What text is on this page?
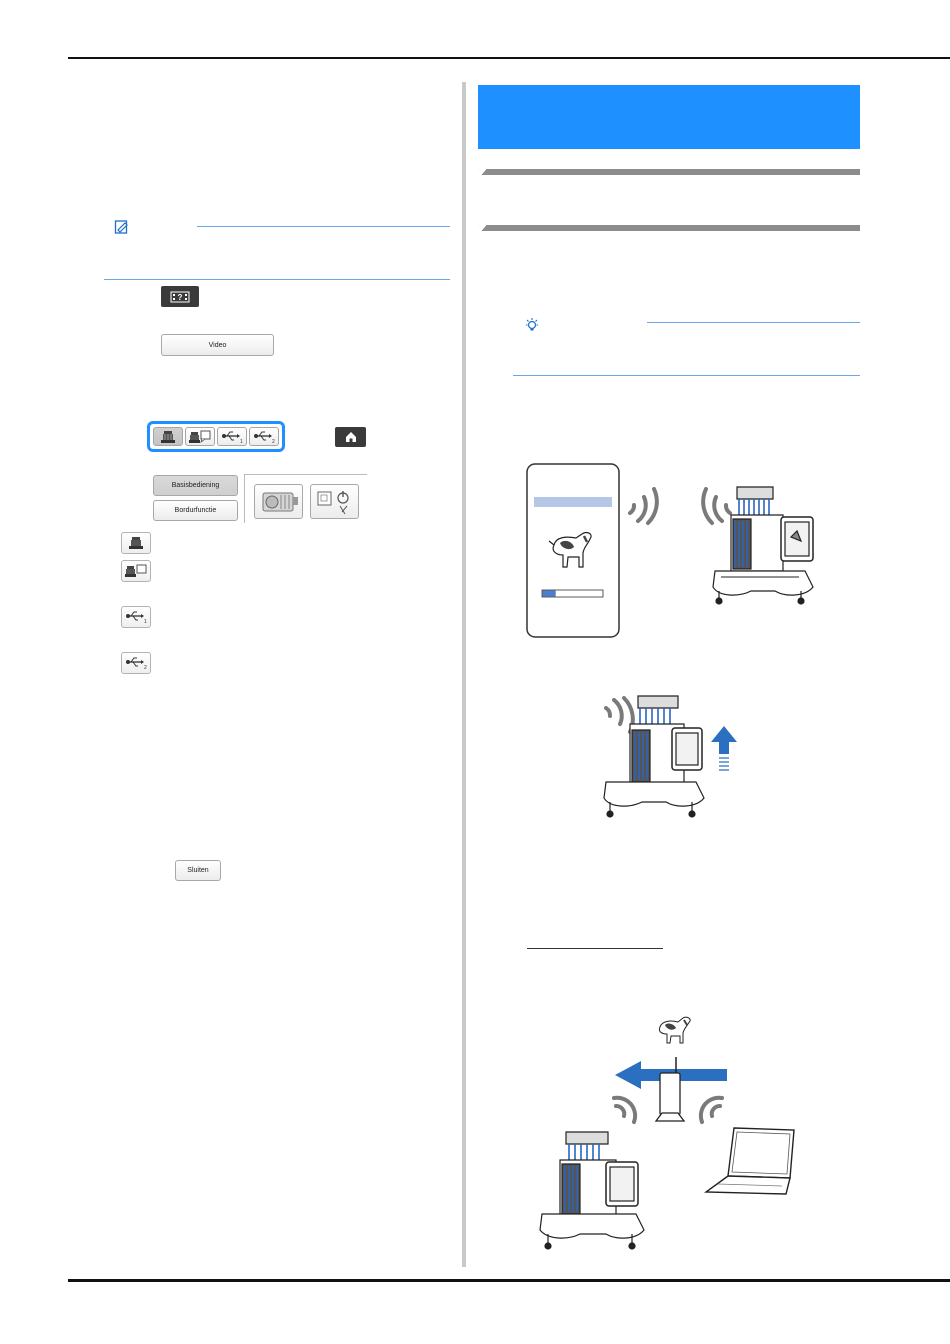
?
Video
1	2
Basisbediening
Bordurfunctie
1
2
Sluiten
